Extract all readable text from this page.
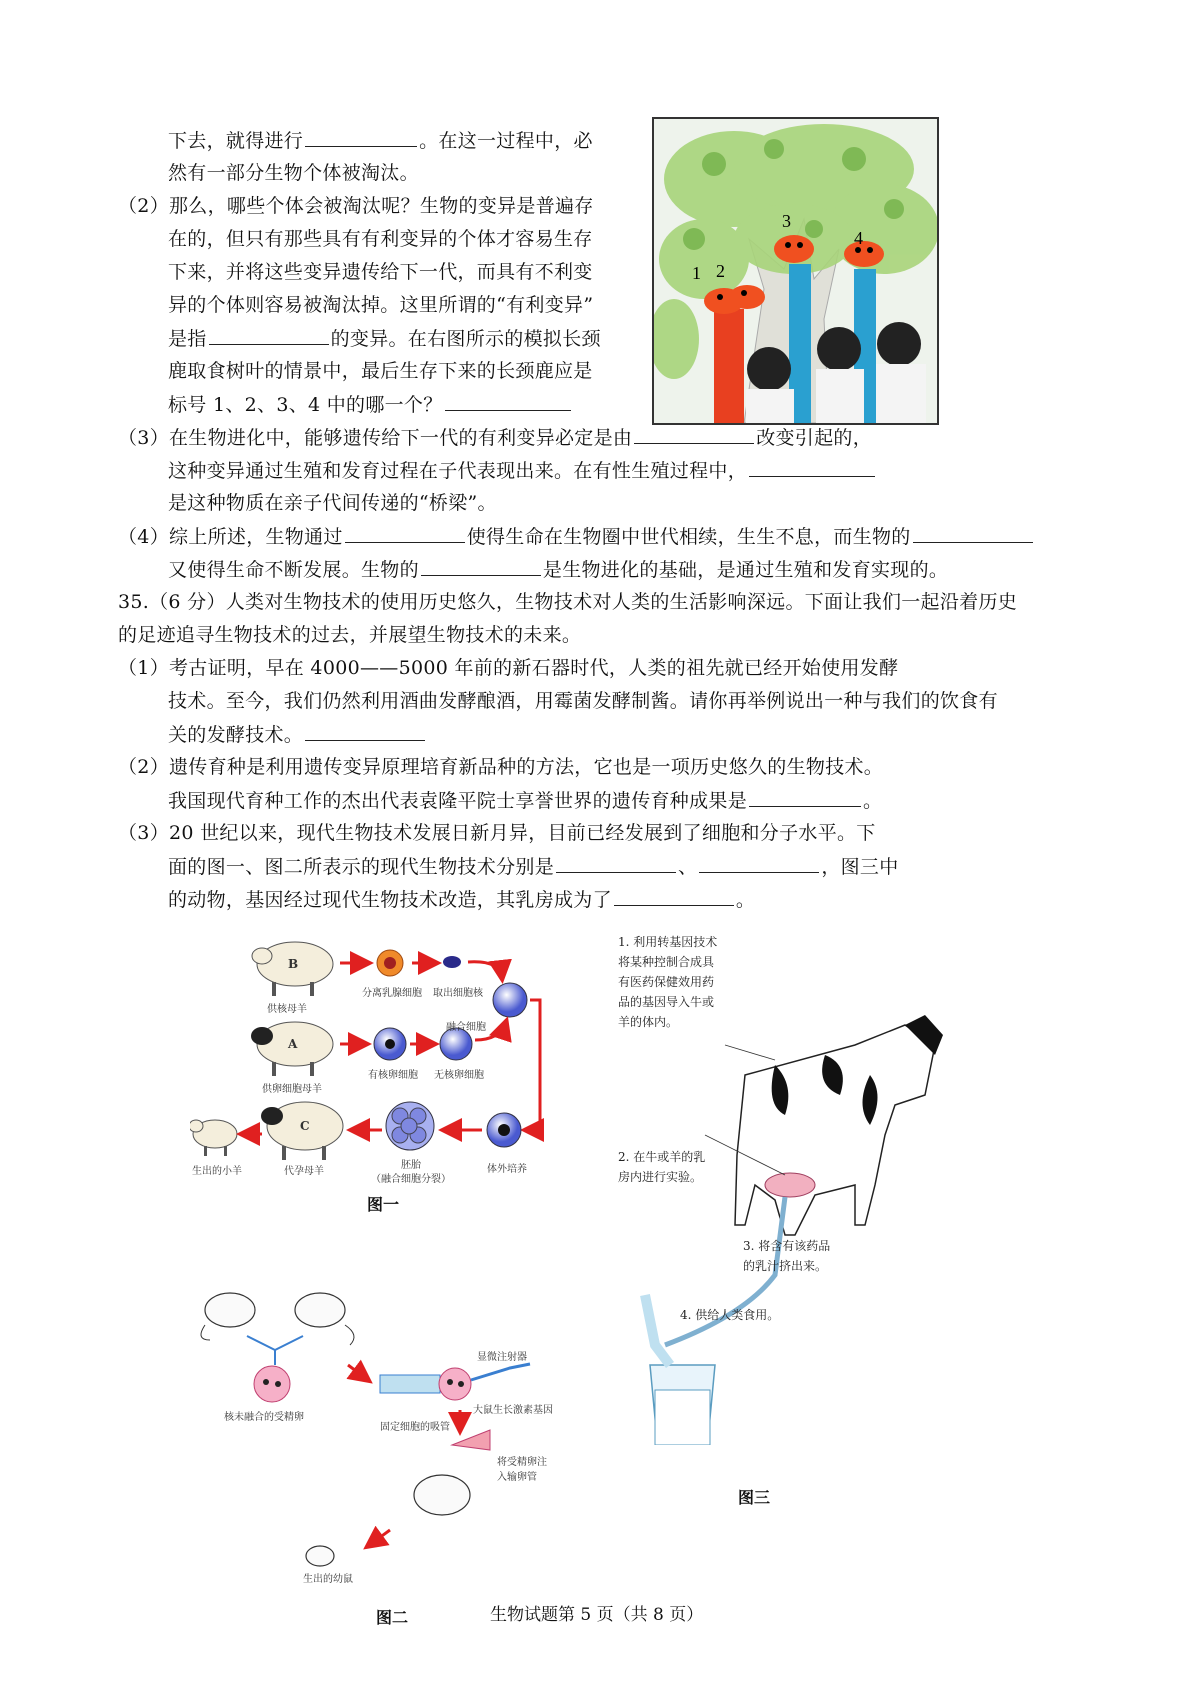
下去，就得进行	。在这一过程中，必
然有一部分生物个体被淘汰。
（2）那么，哪些个体会被淘汰呢？生物的变异是普遍存
在的，但只有那些具有有利变异的个体才容易生存
下来，并将这些变异遗传给下一代，而具有不利变
异的个体则容易被淘汰掉。这里所谓的“有利变异”
是指	的变异。在右图所示的模拟长颈
鹿取食树叶的情景中，最后生存下来的长颈鹿应是
标号 1、2、3、4 中的哪一个？
（3）在生物进化中，能够遗传给下一代的有利变异必定是由	改变引起的，
这种变异通过生殖和发育过程在子代表现出来。在有性生殖过程中，
是这种物质在亲子代间传递的“桥梁”。
（4）综上所述，生物通过	使得生命在生物圈中世代相续，生生不息，而生物的
又使得生命不断发展。生物的	是生物进化的基础，是通过生殖和发育实现的。
1 2
3
4
35.（6 分）人类对生物技术的使用历史悠久，生物技术对人类的生活影响深远。下面让我们一起沿着历史
的足迹追寻生物技术的过去，并展望生物技术的未来。
（1）考古证明，早在 4000——5000 年前的新石器时代，人类的祖先就已经开始使用发酵
技术。至今，我们仍然利用酒曲发酵酿酒，用霉菌发酵制酱。请你再举例说出一种与我们的饮食有
关的发酵技术。
（2）遗传育种是利用遗传变异原理培育新品种的方法，它也是一项历史悠久的生物技术。
我国现代育种工作的杰出代表袁隆平院士享誉世界的遗传育种成果是	。
（3）20 世纪以来，现代生物技术发展日新月异，目前已经发展到了细胞和分子水平。下
面的图一、图二所表示的现代生物技术分别是	、	，图三中
的动物，基因经过现代生物技术改造，其乳房成为了	。
B
A
C
供核母羊
分离乳腺细胞 取出细胞核
融合细胞
供卵细胞母羊
有核卵细胞 无核卵细胞
生出的小羊	代孕母羊
胚胎
（融合细胞分裂）
体外培养
图一
核未融合的受精卵
显微注射器
大鼠生长激素基因
固定细胞的吸管
将受精卵注
入输卵管
生出的幼鼠
图二
1. 利用转基因技术
将某种控制合成具
有医药保健效用药
品的基因导入牛或
羊的体内。
2. 在牛或羊的乳
房内进行实验。
3. 将含有该药品
的乳汁挤出来。
4. 供给人类食用。
图三
生物试题第 5 页（共 8 页）
